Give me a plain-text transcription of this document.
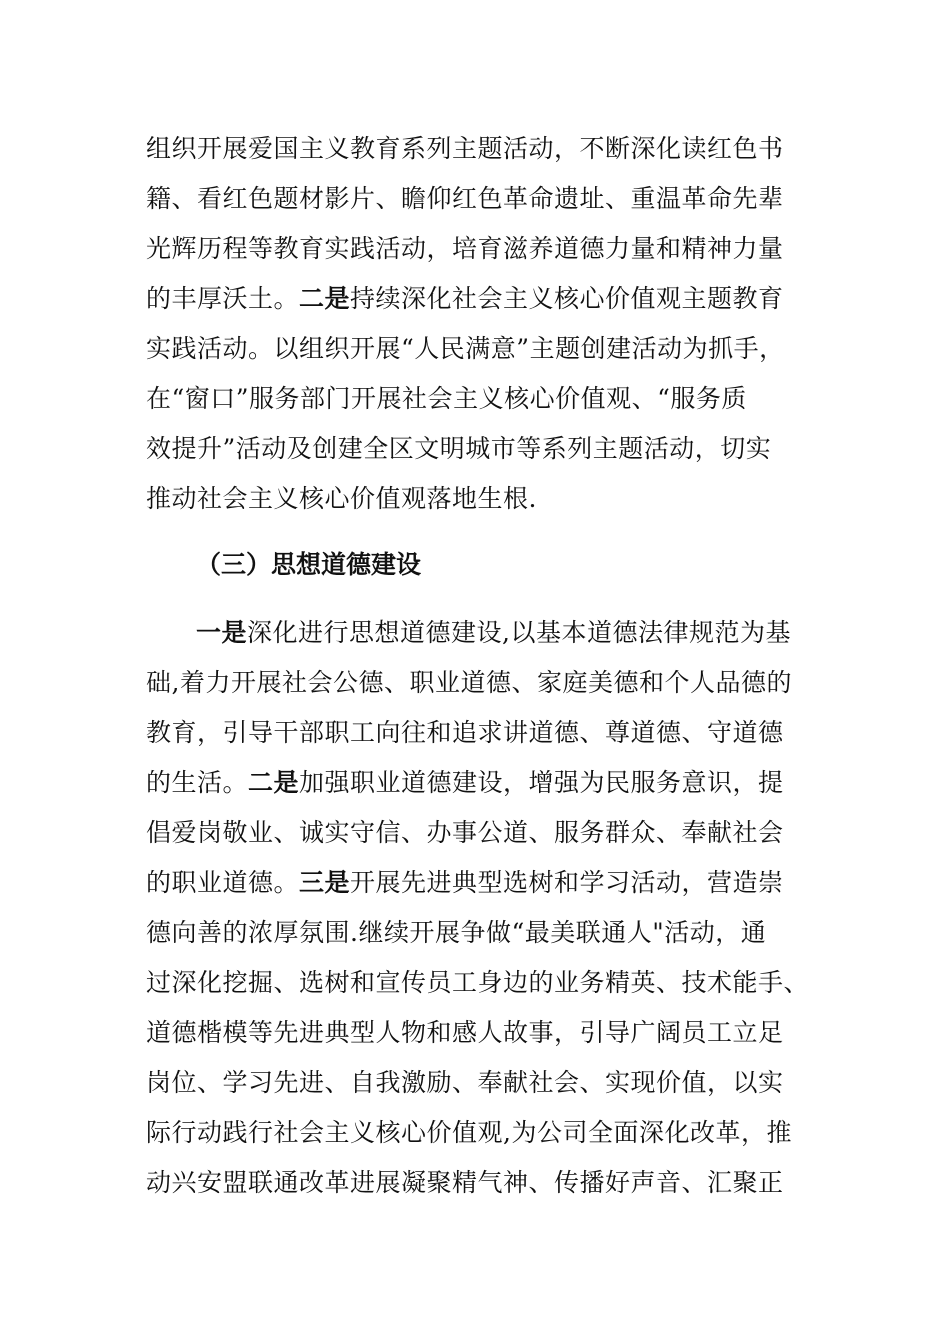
组织开展爱国主义教育系列主题活动，不断深化读红色书
籍、看红色题材影片、瞻仰红色革命遗址、重温革命先辈
光辉历程等教育实践活动，培育滋养道德力量和精神力量
的丰厚沃土。二是持续深化社会主义核心价值观主题教育
实践活动。以组织开展“人民满意”主题创建活动为抓手，
在“窗口”服务部门开展社会主义核心价值观、“服务质
效提升”活动及创建全区文明城市等系列主题活动，切实
推动社会主义核心价值观落地生根.
（三）思想道德建设
一是深化进行思想道德建设,以基本道德法律规范为基
础,着力开展社会公德、职业道德、家庭美德和个人品德的
教育，引导干部职工向往和追求讲道德、尊道德、守道德
的生活。二是加强职业道德建设，增强为民服务意识，提
倡爱岗敬业、诚实守信、办事公道、服务群众、奉献社会
的职业道德。三是开展先进典型选树和学习活动，营造崇
德向善的浓厚氛围.继续开展争做“最美联通人"活动，通
过深化挖掘、选树和宣传员工身边的业务精英、技术能手、
道德楷模等先进典型人物和感人故事，引导广阔员工立足
岗位、学习先进、自我激励、奉献社会、实现价值，以实
际行动践行社会主义核心价值观,为公司全面深化改革，推
动兴安盟联通改革进展凝聚精气神、传播好声音、汇聚正
